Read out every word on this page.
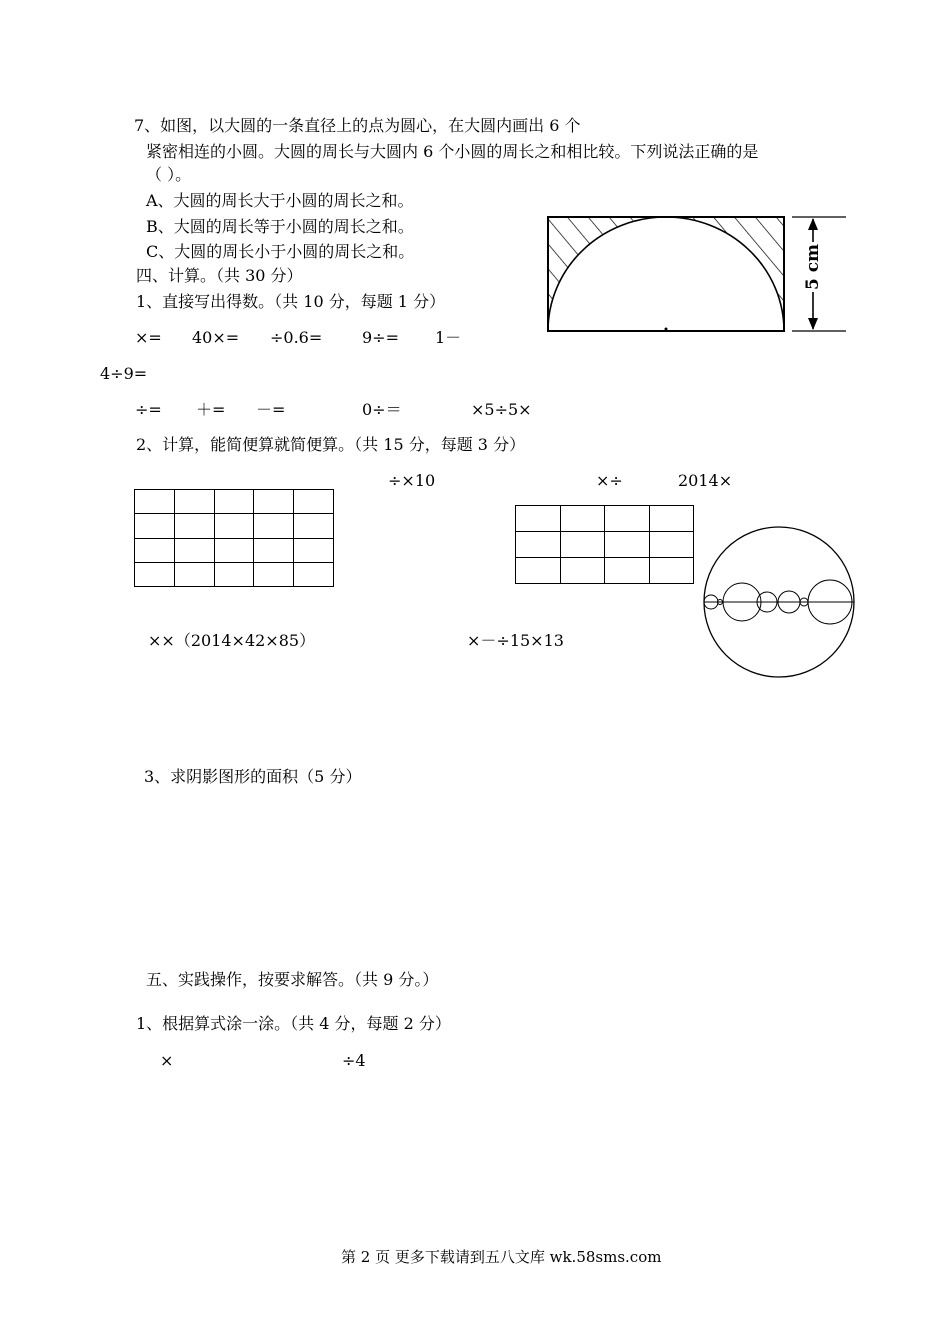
7、如图，以大圆的一条直径上的点为圆心，在大圆内画出 6 个
紧密相连的小圆。大圆的周长与大圆内 6 个小圆的周长之和相比较。下列说法正确的是
（ ）。
A、大圆的周长大于小圆的周长之和。
B、大圆的周长等于小圆的周长之和。
C、大圆的周长小于小圆的周长之和。
四、计算。（共 30 分）
1、直接写出得数。（共 10 分，每题 1 分）
×= 40×= ÷0.6= 9÷= 1－
4÷9=
÷= ＋= －=	0÷＝	×5÷5×
2、计算，能简便算就简便算。（共 15 分，每题 3 分）
÷×10	×÷	2014×
××（2014×42×85）	×－÷15×13
3、求阴影图形的面积（5 分）

5 cm
五、实践操作，按要求解答。（共 9 分。）
1、根据算式涂一涂。（共 4 分，每题 2 分）
×	÷4
第 2 页 更多下载请到五八文库 wk.58sms.com
